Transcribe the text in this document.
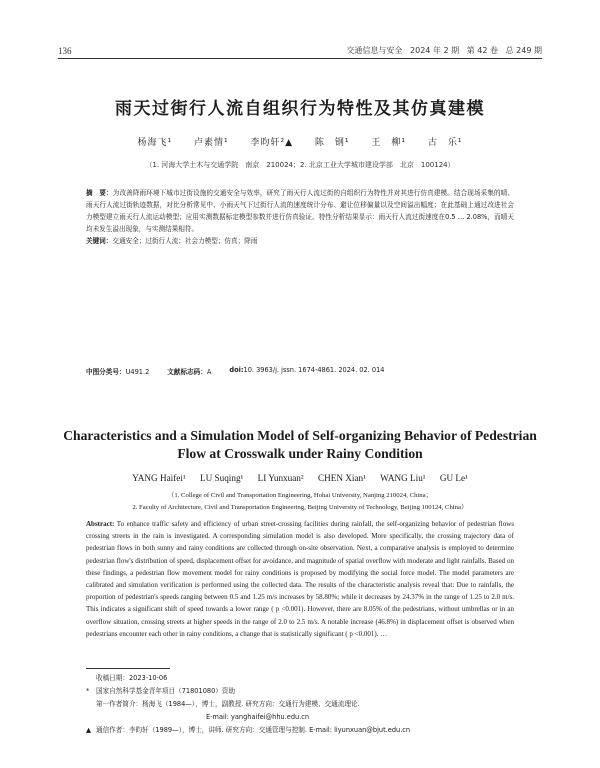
136	交通信息与安全 2024 年 2 期 第 42 卷 总 249 期
雨天过街行人流自组织行为特性及其仿真建模
杨海飞¹ 卢素情¹ 李昀轩²▲ 陈　钢¹ 王　柳¹ 古　乐¹
（1. 河海大学土木与交通学院　南京　210024；2. 北京工业大学城市建设学部　北京　100124）
摘　要：为改善降雨环境下城市过街设施的交通安全与效率，研究了雨天行人流过街的自组织行为特性并对其进行仿真建模。结合现场采集的晴、雨天行人流过街轨迹数据，对比分析常见中、小雨天气下过街行人流的速度统计分布、避让位移偏量以及空间溢出幅度；在此基础上通过改进社会力模型建立雨天行人流运动模型；应用实测数据标定模型参数并进行仿真验证。特性分析结果显示：雨天行人流过街速度在0.5 … 2.08%，而晴天均未发生溢出现象，与实测结果相符。
关键词：交通安全；过街行人流；社会力模型；仿真；降雨
中图分类号：U491.2	文献标志码：A	doi:10. 3963/j. jssn. 1674-4861. 2024. 02. 014
Characteristics and a Simulation Model of Self-organizing Behavior of Pedestrian Flow at Crosswalk under Rainy Condition
YANG Haifei¹ LU Suqing¹ LI Yunxuan² CHEN Xian¹ WANG Liu¹ GU Le¹
（1. College of Civil and Transportation Engineering, Hohai University, Nanjing 210024, China；
2. Faculty of Architecture, Civil and Transportation Engineering, Beijing University of Technology, Beijing 100124, China）
Abstract: To enhance traffic safety and efficiency of urban street-crossing facilities during rainfall, the self-organizing behavior of pedestrian flows crossing streets in the rain is investigated. A corresponding simulation model is also developed. More specifically, the crossing trajectory data of pedestrian flows in both sunny and rainy conditions are collected through on-site observation. Next, a comparative analysis is employed to determine pedestrian flow's distribution of speed, displacement offset for avoidance, and magnitude of spatial overflow with moderate and light rainfalls. Based on these findings, a pedestrian flow movement model for rainy conditions is proposed by modifying the social force model. The model parameters are calibrated and simulation verification is performed using the collected data. The results of the characteristic analysis reveal that: Due to rainfalls, the proportion of pedestrian's speeds ranging between 0.5 and 1.25 m/s increases by 58.80%; while it decreases by 24.37% in the range of 1.25 to 2.0 m/s. This indicates a significant shift of speed towards a lower range ( p <0.001). However, there are 8.05% of the pedestrians, without umbrellas or in an overflow situation, crossing streets at higher speeds in the range of 2.0 to 2.5 m/s. A notable increase (46.8%) in displacement offset is observed when pedestrians encounter each other in rainy conditions, a change that is statistically significant ( p <0.001). …
收稿日期：2023-10-06
* 国家自然科学基金青年项目（71801080）资助
第一作者简介：杨海飞（1984—），博士，副教授. 研究方向：交通行为建模、交通流理论.
E-mail: yanghaifei@hhu.edu.cn
▲ 通信作者：李昀轩（1989—），博士，讲师. 研究方向：交通管理与控制. E-mail: liyunxuan@bjut.edu.cn
